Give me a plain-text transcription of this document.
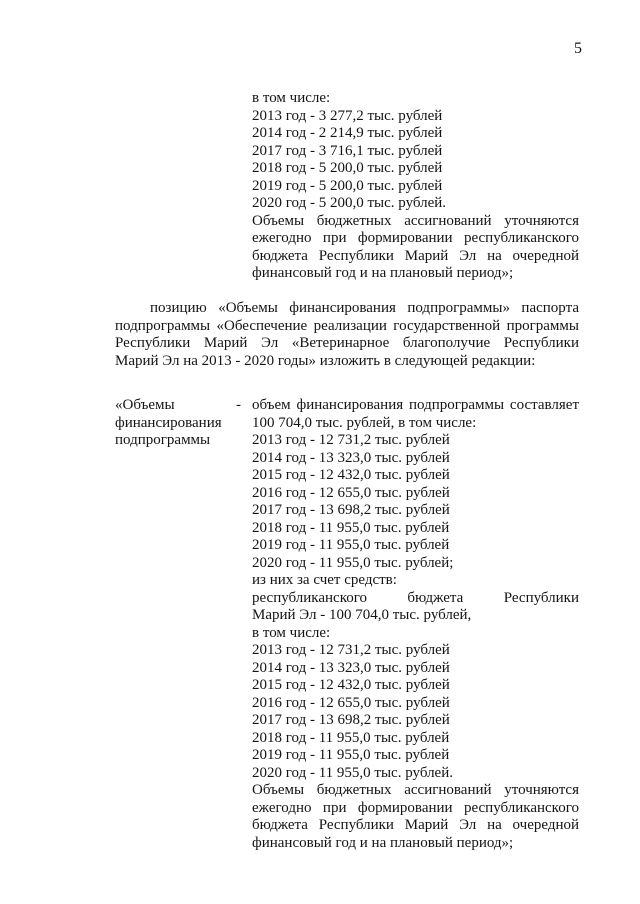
5
в том числе:
2013 год - 3 277,2 тыс. рублей
2014 год - 2 214,9 тыс. рублей
2017 год - 3 716,1 тыс. рублей
2018 год - 5 200,0 тыс. рублей
2019 год - 5 200,0 тыс. рублей
2020 год - 5 200,0 тыс. рублей.
Объемы бюджетных ассигнований уточняются
ежегодно при формировании республиканского
бюджета Республики Марий Эл на очередной
финансовый год и на плановый период»;
позицию «Объемы финансирования подпрограммы» паспорта
подпрограммы «Обеспечение реализации государственной программы
Республики Марий Эл «Ветеринарное благополучие Республики
Марий Эл на 2013 - 2020 годы» изложить в следующей редакции:
«Объемы
финансирования
подпрограммы
- объем финансирования подпрограммы составляет
100 704,0 тыс. рублей, в том числе:
2013 год - 12 731,2 тыс. рублей
2014 год - 13 323,0 тыс. рублей
2015 год - 12 432,0 тыс. рублей
2016 год - 12 655,0 тыс. рублей
2017 год - 13 698,2 тыс. рублей
2018 год - 11 955,0 тыс. рублей
2019 год - 11 955,0 тыс. рублей
2020 год - 11 955,0 тыс. рублей;
из них за счет средств:
республиканского бюджета Республики
Марий Эл - 100 704,0 тыс. рублей,
в том числе:
2013 год - 12 731,2 тыс. рублей
2014 год - 13 323,0 тыс. рублей
2015 год - 12 432,0 тыс. рублей
2016 год - 12 655,0 тыс. рублей
2017 год - 13 698,2 тыс. рублей
2018 год - 11 955,0 тыс. рублей
2019 год - 11 955,0 тыс. рублей
2020 год - 11 955,0 тыс. рублей.
Объемы бюджетных ассигнований уточняются
ежегодно при формировании республиканского
бюджета Республики Марий Эл на очередной
финансовый год и на плановый период»;
